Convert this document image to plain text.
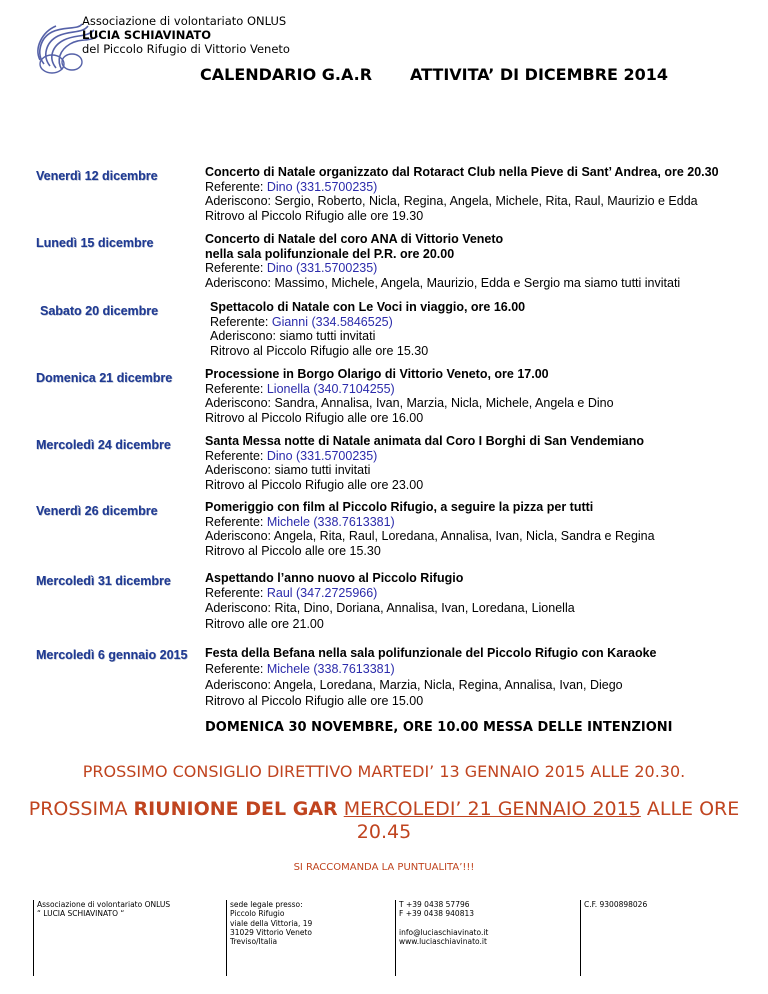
Associazione di volontariato ONLUS
LUCIA SCHIAVINATO
del Piccolo Rifugio di Vittorio Veneto
CALENDARIO G.A.R ATTIVITA’ DI DICEMBRE 2014
Venerdì 12 dicembre	Concerto di Natale organizzato dal Rotaract Club nella Pieve di Sant’ Andrea, ore 20.30
Referente: Dino (331.5700235)
Aderiscono: Sergio, Roberto, Nicla, Regina, Angela, Michele, Rita, Raul, Maurizio e Edda
Ritrovo al Piccolo Rifugio alle ore 19.30
Lunedì 15 dicembre	Concerto di Natale del coro ANA di Vittorio Veneto
nella sala polifunzionale del P.R. ore 20.00
Referente: Dino (331.5700235)
Aderiscono: Massimo, Michele, Angela, Maurizio, Edda e Sergio ma siamo tutti invitati
Sabato 20 dicembre	Spettacolo di Natale con Le Voci in viaggio, ore 16.00
Referente: Gianni (334.5846525)
Aderiscono: siamo tutti invitati
Ritrovo al Piccolo Rifugio alle ore 15.30
Domenica 21 dicembre	Processione in Borgo Olarigo di Vittorio Veneto, ore 17.00
Referente: Lionella (340.7104255)
Aderiscono: Sandra, Annalisa, Ivan, Marzia, Nicla, Michele, Angela e Dino
Ritrovo al Piccolo Rifugio alle ore 16.00
Mercoledì 24 dicembre	Santa Messa notte di Natale animata dal Coro I Borghi di San Vendemiano
Referente: Dino (331.5700235)
Aderiscono: siamo tutti invitati
Ritrovo al Piccolo Rifugio alle ore 23.00
Venerdì 26 dicembre	Pomeriggio con film al Piccolo Rifugio, a seguire la pizza per tutti
Referente: Michele (338.7613381)
Aderiscono: Angela, Rita, Raul, Loredana, Annalisa, Ivan, Nicla, Sandra e Regina
Ritrovo al Piccolo alle ore 15.30
Mercoledì 31 dicembre	Aspettando l’anno nuovo al Piccolo Rifugio
Referente: Raul (347.2725966)
Aderiscono: Rita, Dino, Doriana, Annalisa, Ivan, Loredana, Lionella
Ritrovo alle ore 21.00
Mercoledì 6 gennaio 2015 Festa della Befana nella sala polifunzionale del Piccolo Rifugio con Karaoke
Referente: Michele (338.7613381)
Aderiscono: Angela, Loredana, Marzia, Nicla, Regina, Annalisa, Ivan, Diego
Ritrovo al Piccolo Rifugio alle ore 15.00
DOMENICA 30 NOVEMBRE, ORE 10.00 MESSA DELLE INTENZIONI
PROSSIMO CONSIGLIO DIRETTIVO MARTEDI’ 13 GENNAIO 2015 ALLE 20.30.
PROSSIMA RIUNIONE DEL GAR MERCOLEDI’ 21 GENNAIO 2015 ALLE ORE 20.45
SI RACCOMANDA LA PUNTUALITA’!!!
Associazione di volontariato ONLUS
“ LUCIA SCHIAVINATO “
sede legale presso:
Piccolo Rifugio
viale della Vittoria, 19
31029 Vittorio Veneto
Treviso/Italia
T +39 0438 57796
F +39 0438 940813
info@luciaschiavinato.it
www.luciaschiavinato.it
C.F. 9300898026
